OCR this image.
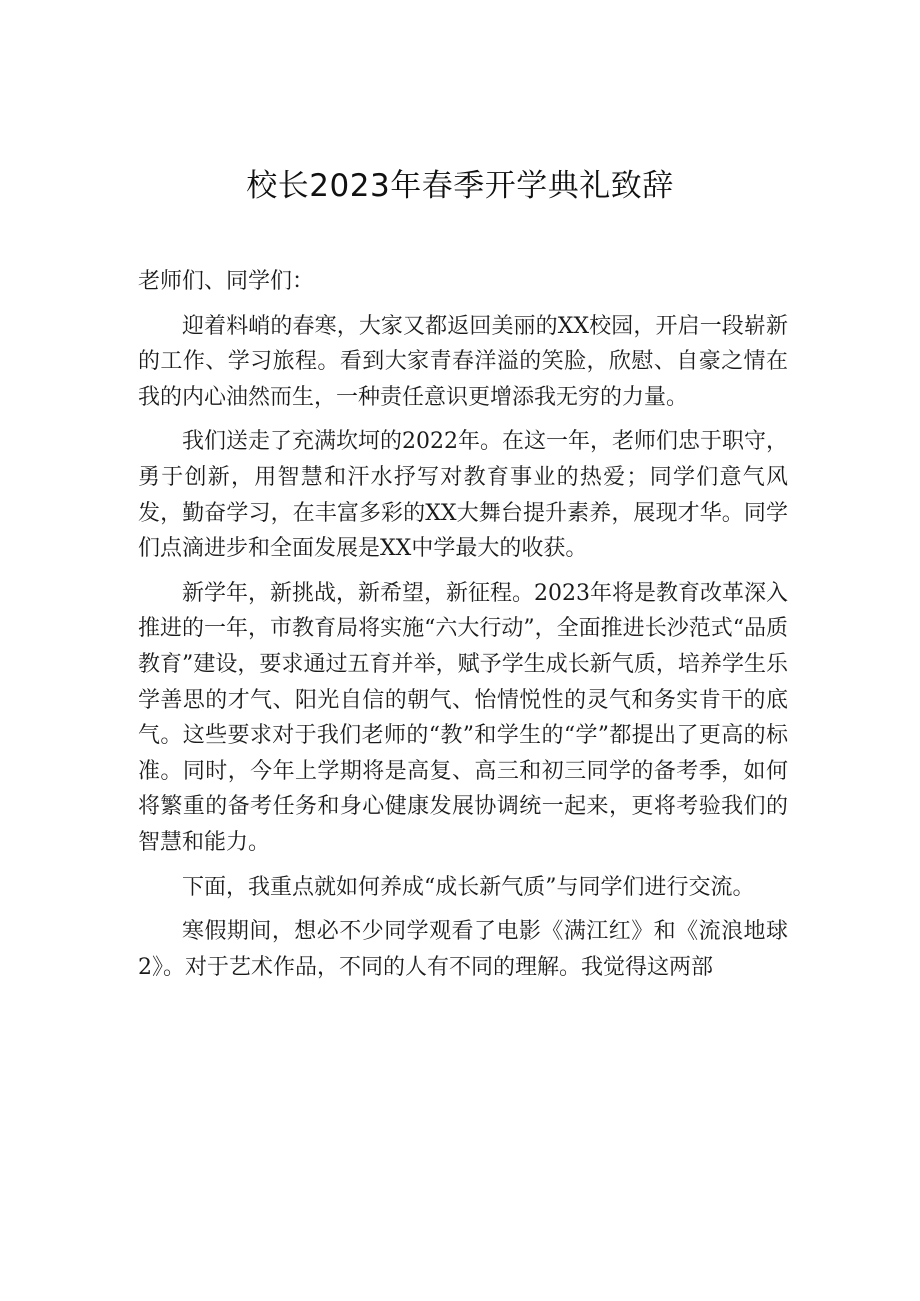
校长2023年春季开学典礼致辞

老师们、同学们：

迎着料峭的春寒，大家又都返回美丽的XX校园，开启一段崭新的工作、学习旅程。看到大家青春洋溢的笑脸，欣慰、自豪之情在我的内心油然而生，一种责任意识更增添我无穷的力量。

我们送走了充满坎坷的2022年。在这一年，老师们忠于职守，勇于创新，用智慧和汗水抒写对教育事业的热爱；同学们意气风发，勤奋学习，在丰富多彩的XX大舞台提升素养，展现才华。同学们点滴进步和全面发展是XX中学最大的收获。

新学年，新挑战，新希望，新征程。2023年将是教育改革深入推进的一年，市教育局将实施“六大行动”，全面推进长沙范式“品质教育”建设，要求通过五育并举，赋予学生成长新气质，培养学生乐学善思的才气、阳光自信的朝气、怡情悦性的灵气和务实肯干的底气。这些要求对于我们老师的“教”和学生的“学”都提出了更高的标准。同时，今年上学期将是高复、高三和初三同学的备考季，如何将繁重的备考任务和身心健康发展协调统一起来，更将考验我们的智慧和能力。

下面，我重点就如何养成“成长新气质”与同学们进行交流。

寒假期间，想必不少同学观看了电影《满江红》和《流浪地球2》。对于艺术作品，不同的人有不同的理解。我觉得这两部
